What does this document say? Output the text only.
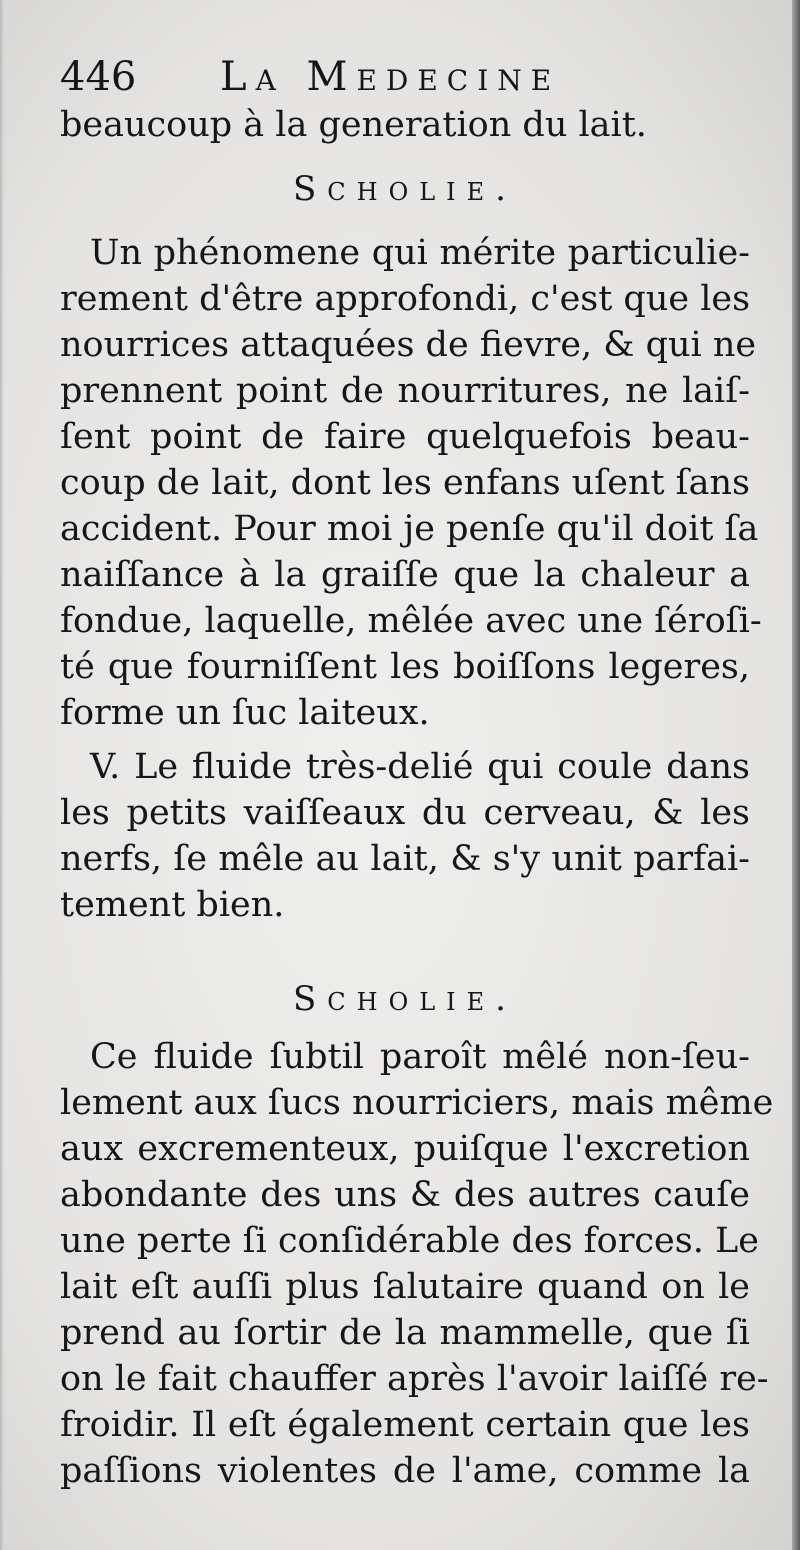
446 La Medecine
beaucoup à la generation du lait.
Scholie.
Un phénomene qui mérite particulie-
rement d'être approfondi, c'est que les
nourrices attaquées de fievre, & qui ne
prennent point de nourritures, ne laiſ-
ſent point de faire quelquefois beau-
coup de lait, dont les enfans uſent ſans
accident. Pour moi je penſe qu'il doit ſa
naiſſance à la graiſſe que la chaleur a
fondue, laquelle, mêlée avec une ſéroſi-
té que fourniſſent les boiſſons legeres,
forme un ſuc laiteux.
V. Le fluide très-delié qui coule dans
les petits vaiſſeaux du cerveau, & les
nerfs, ſe mêle au lait, & s'y unit parfai-
tement bien.
Scholie.
Ce fluide ſubtil paroît mêlé non-ſeu-
lement aux ſucs nourriciers, mais même
aux excrementeux, puiſque l'excretion
abondante des uns & des autres cauſe
une perte ſi conſidérable des forces. Le
lait eſt auſſi plus ſalutaire quand on le
prend au ſortir de la mammelle, que ſi
on le fait chauffer après l'avoir laiſſé re-
froidir. Il eſt également certain que les
paſſions violentes de l'ame, comme la
